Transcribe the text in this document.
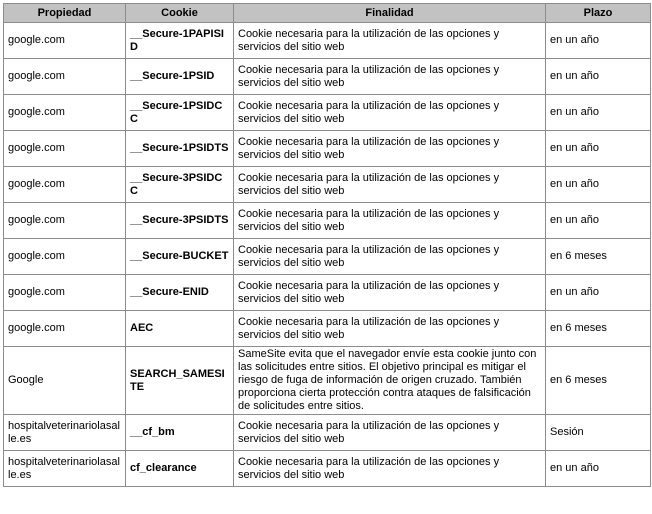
Propiedad	Cookie	Finalidad	Plazo
google.com	__Secure-1PAPISID	Cookie necesaria para la utilización de las opciones y servicios del sitio web	en un año
google.com	__Secure-1PSID	Cookie necesaria para la utilización de las opciones y servicios del sitio web	en un año
google.com	__Secure-1PSIDCC	Cookie necesaria para la utilización de las opciones y servicios del sitio web	en un año
google.com	__Secure-1PSIDTS	Cookie necesaria para la utilización de las opciones y servicios del sitio web	en un año
google.com	__Secure-3PSIDCC	Cookie necesaria para la utilización de las opciones y servicios del sitio web	en un año
google.com	__Secure-3PSIDTS	Cookie necesaria para la utilización de las opciones y servicios del sitio web	en un año
google.com	__Secure-BUCKET	Cookie necesaria para la utilización de las opciones y servicios del sitio web	en 6 meses
google.com	__Secure-ENID	Cookie necesaria para la utilización de las opciones y servicios del sitio web	en un año
google.com	AEC	Cookie necesaria para la utilización de las opciones y servicios del sitio web	en 6 meses
Google	SEARCH_SAMESITE	SameSite evita que el navegador envíe esta cookie junto con las solicitudes entre sitios. El objetivo principal es mitigar el riesgo de fuga de información de origen cruzado. También proporciona cierta protección contra ataques de falsificación de solicitudes entre sitios.	en 6 meses
hospitalveterinariolasalle.es	__cf_bm	Cookie necesaria para la utilización de las opciones y servicios del sitio web	Sesión
hospitalveterinariolasalle.es	cf_clearance	Cookie necesaria para la utilización de las opciones y servicios del sitio web	en un año
